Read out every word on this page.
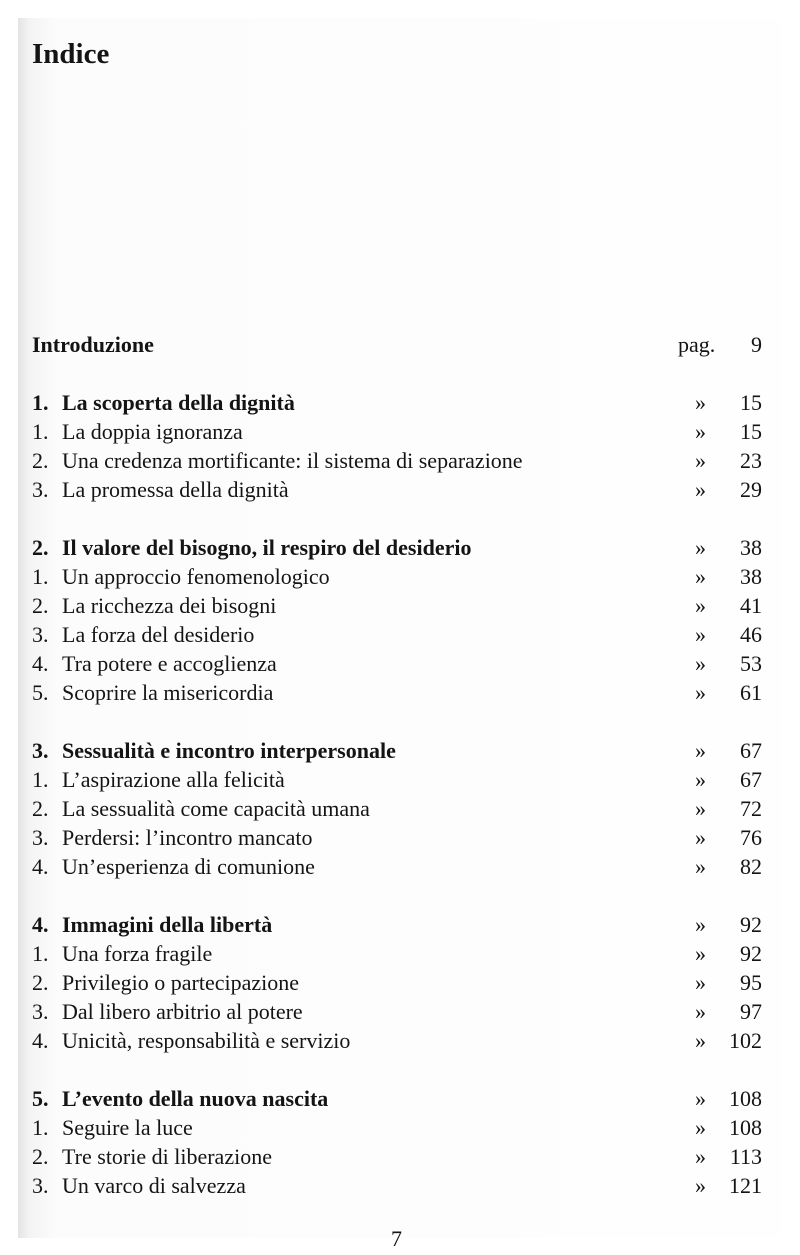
Indice
Introduzione	pag. 9
1. La scoperta della dignità	» 15
1. La doppia ignoranza	» 15
2. Una credenza mortificante: il sistema di separazione	» 23
3. La promessa della dignità	» 29
2. Il valore del bisogno, il respiro del desiderio	» 38
1. Un approccio fenomenologico	» 38
2. La ricchezza dei bisogni	» 41
3. La forza del desiderio	» 46
4. Tra potere e accoglienza	» 53
5. Scoprire la misericordia	» 61
3. Sessualità e incontro interpersonale	» 67
1. L’aspirazione alla felicità	» 67
2. La sessualità come capacità umana	» 72
3. Perdersi: l’incontro mancato	» 76
4. Un’esperienza di comunione	» 82
4. Immagini della libertà	» 92
1. Una forza fragile	» 92
2. Privilegio o partecipazione	» 95
3. Dal libero arbitrio al potere	» 97
4. Unicità, responsabilità e servizio	» 102
5. L’evento della nuova nascita	» 108
1. Seguire la luce	» 108
2. Tre storie di liberazione	» 113
3. Un varco di salvezza	» 121
7
